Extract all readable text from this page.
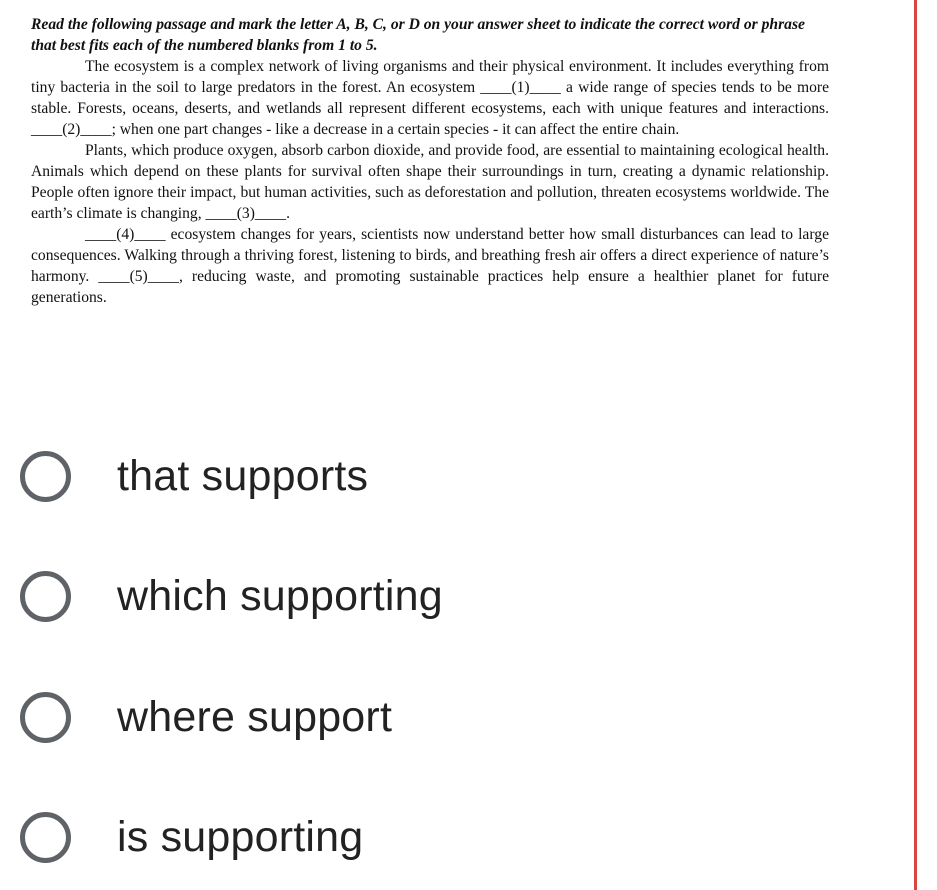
Read the following passage and mark the letter A, B, C, or D on your answer sheet to indicate the correct word or phrase that best fits each of the numbered blanks from 1 to 5.

The ecosystem is a complex network of living organisms and their physical environment. It includes everything from tiny bacteria in the soil to large predators in the forest. An ecosystem ____(1)____ a wide range of species tends to be more stable. Forests, oceans, deserts, and wetlands all represent different ecosystems, each with unique features and interactions. ____(2)____; when one part changes - like a decrease in a certain species - it can affect the entire chain.

Plants, which produce oxygen, absorb carbon dioxide, and provide food, are essential to maintaining ecological health. Animals which depend on these plants for survival often shape their surroundings in turn, creating a dynamic relationship. People often ignore their impact, but human activities, such as deforestation and pollution, threaten ecosystems worldwide. The earth’s climate is changing, ____(3)____.

____(4)____ ecosystem changes for years, scientists now understand better how small disturbances can lead to large consequences. Walking through a thriving forest, listening to birds, and breathing fresh air offers a direct experience of nature’s harmony. ____(5)____, reducing waste, and promoting sustainable practices help ensure a healthier planet for future generations.

that supports
which supporting
where support
is supporting
